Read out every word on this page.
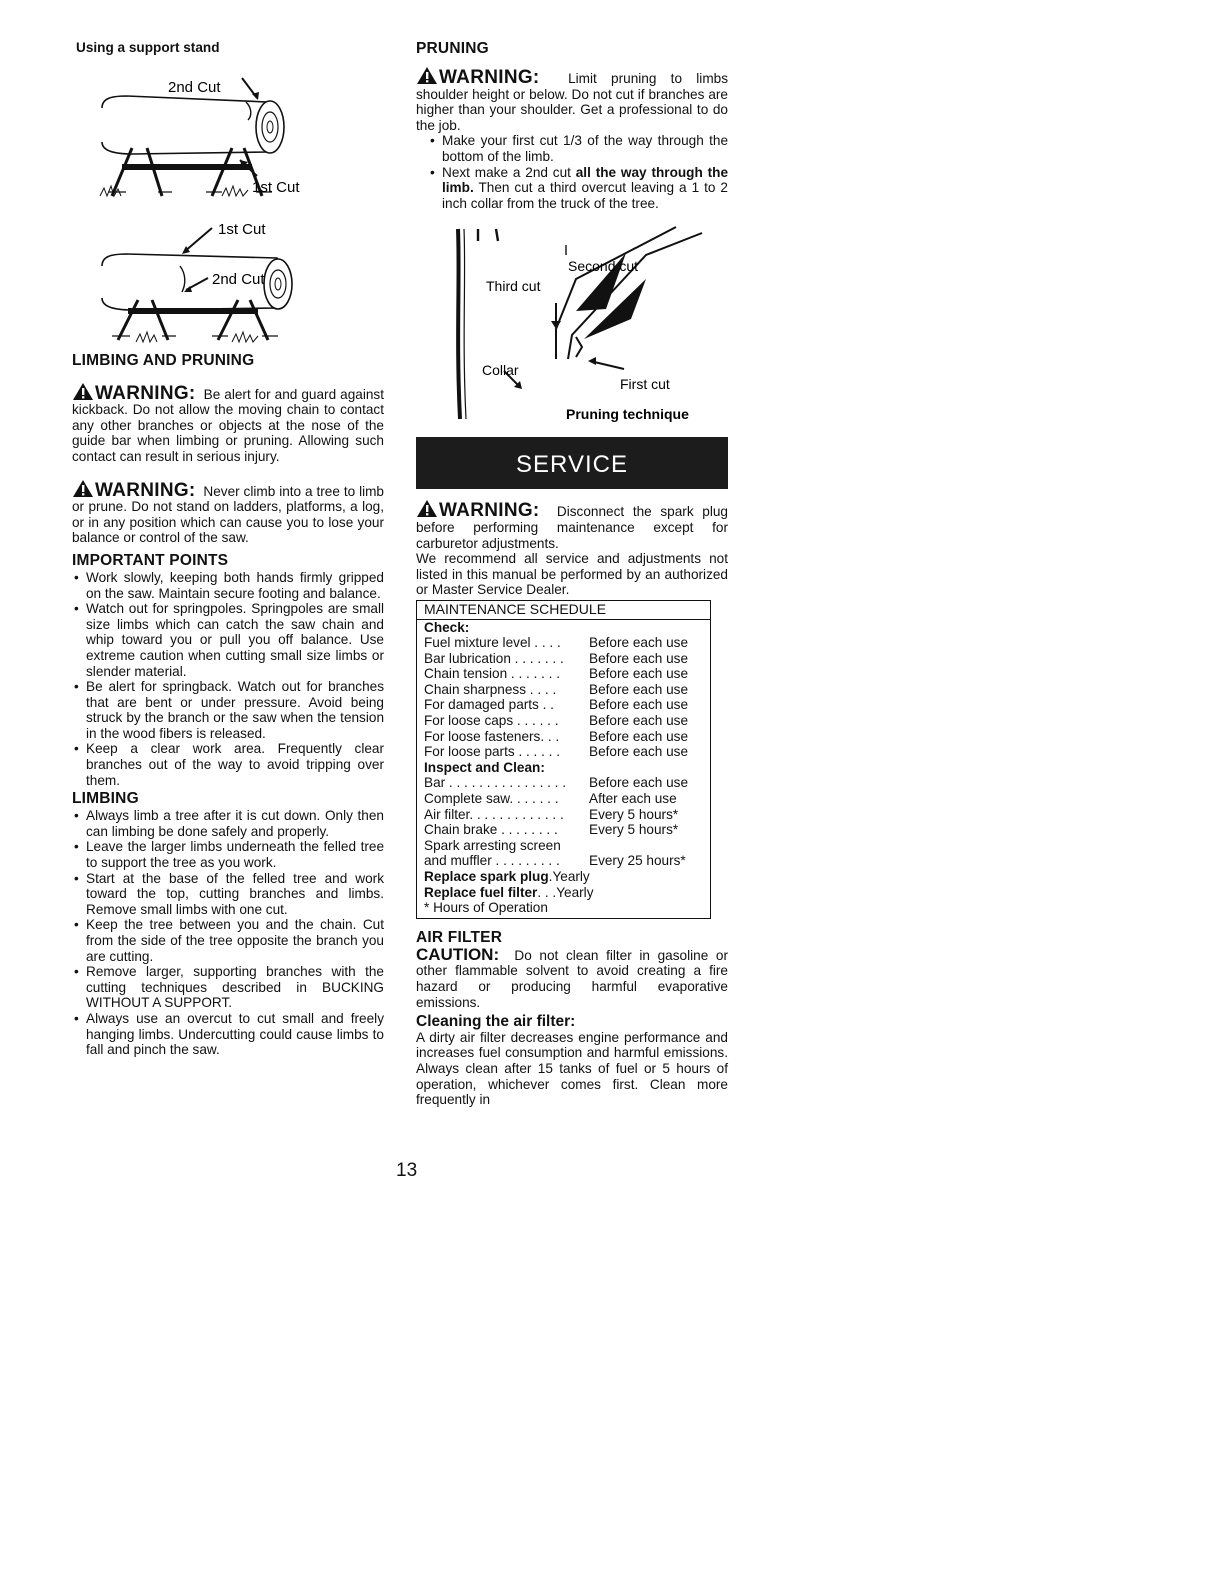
Using a support stand
2nd Cut
1st Cut
1st Cut
2nd Cut
LIMBING AND PRUNING
WARNING: Be alert for and guard against kickback. Do not allow the moving chain to contact any other branches or objects at the nose of the guide bar when limbing or pruning. Allowing such contact can result in serious injury.
WARNING: Never climb into a tree to limb or prune. Do not stand on ladders, platforms, a log, or in any position which can cause you to lose your balance or control of the saw.
IMPORTANT POINTS
• Work slowly, keeping both hands firmly gripped on the saw. Maintain secure footing and balance.
• Watch out for springpoles. Springpoles are small size limbs which can catch the saw chain and whip toward you or pull you off balance. Use extreme caution when cutting small size limbs or slender material.
• Be alert for springback. Watch out for branches that are bent or under pressure. Avoid being struck by the branch or the saw when the tension in the wood fibers is released.
• Keep a clear work area. Frequently clear branches out of the way to avoid tripping over them.
LIMBING
• Always limb a tree after it is cut down. Only then can limbing be done safely and properly.
• Leave the larger limbs underneath the felled tree to support the tree as you work.
• Start at the base of the felled tree and work toward the top, cutting branches and limbs. Remove small limbs with one cut.
• Keep the tree between you and the chain. Cut from the side of the tree opposite the branch you are cutting.
• Remove larger, supporting branches with the cutting techniques described in BUCKING WITHOUT A SUPPORT.
• Always use an overcut to cut small and freely hanging limbs. Undercutting could cause limbs to fall and pinch the saw.
PRUNING
WARNING: Limit pruning to limbs shoulder height or below. Do not cut if branches are higher than your shoulder. Get a professional to do the job.
• Make your first cut 1/3 of the way through the bottom of the limb.
• Next make a 2nd cut all the way through the limb. Then cut a third overcut leaving a 1 to 2 inch collar from the truck of the tree.
Second cut
Third cut
Collar
First cut
Pruning technique
SERVICE
WARNING: Disconnect the spark plug before performing maintenance except for carburetor adjustments.

We recommend all service and adjustments not listed in this manual be performed by an authorized or Master Service Dealer.

MAINTENANCE SCHEDULE
Check:
Fuel mixture level . . . .	Before each use
Bar lubrication . . . . . . .	Before each use
Chain tension . . . . . . .	Before each use
Chain sharpness . . . .	Before each use
For damaged parts . .	Before each use
For loose caps . . . . . .	Before each use
For loose fasteners. . .	Before each use
For loose parts . . . . . .	Before each use
Inspect and Clean:
Bar . . . . . . . . . . . . . . . .	Before each use
Complete saw. . . . . . .	After each use
Air filter. . . . . . . . . . . . .	Every 5 hours*
Chain brake . . . . . . . .	Every 5 hours*
Spark arresting screen
and muffler . . . . . . . . .	Every 25 hours*
Replace spark plug . Yearly
Replace fuel filter . . . Yearly
* Hours of Operation
AIR FILTER

CAUTION: Do not clean filter in gasoline or other flammable solvent to avoid creating a fire hazard or producing harmful evaporative emissions.

Cleaning the air filter:

A dirty air filter decreases engine performance and increases fuel consumption and harmful emissions. Always clean after 15 tanks of fuel or 5 hours of operation, whichever comes first. Clean more frequently in

13
